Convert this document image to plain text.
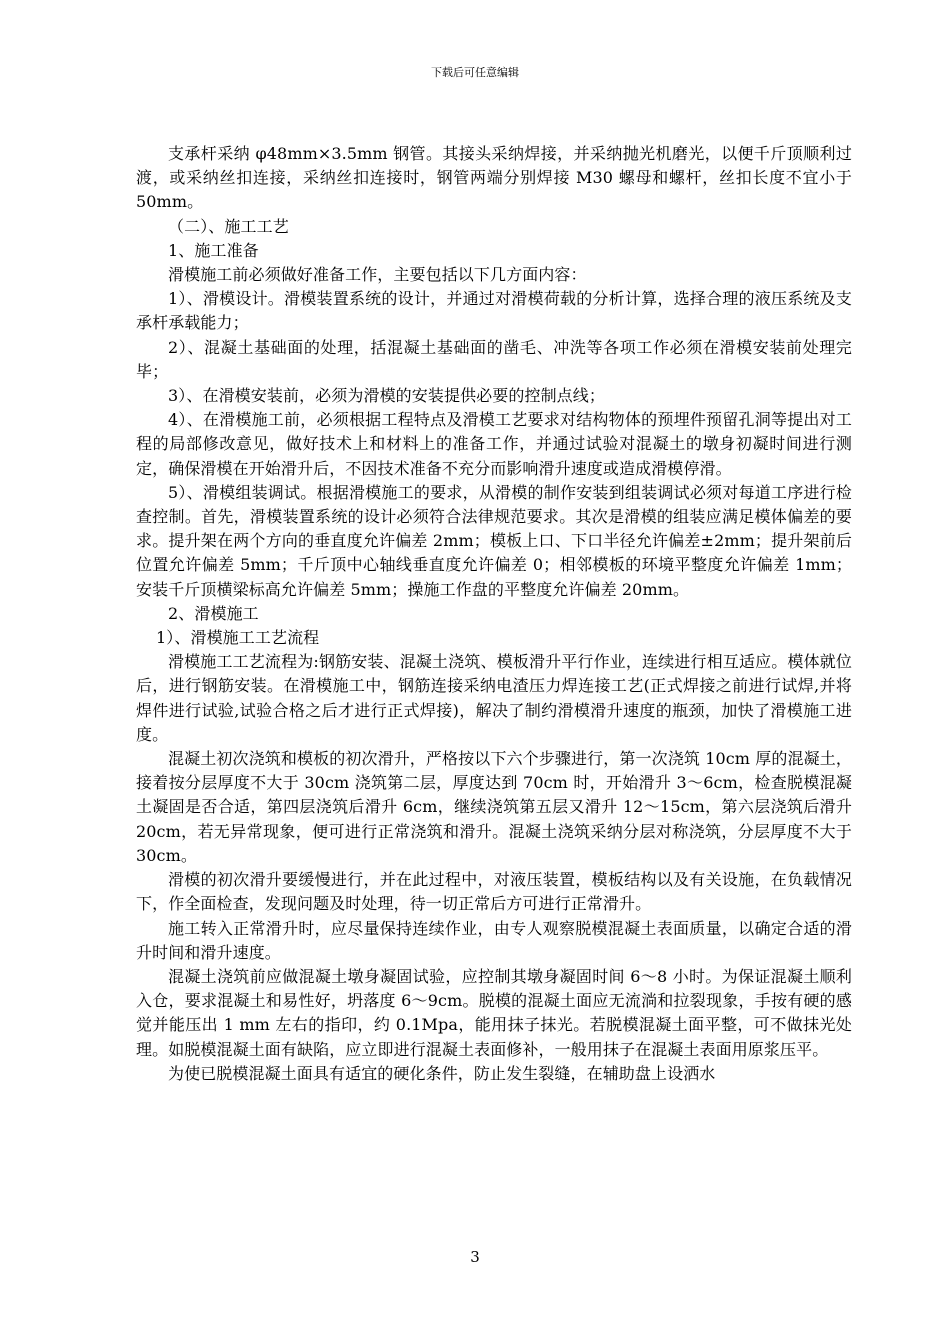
下载后可任意编辑

支承杆采纳 φ48mm×3.5mm 钢管。其接头采纳焊接，并采纳抛光机磨光，以便千斤顶顺利过渡，或采纳丝扣连接，采纳丝扣连接时，钢管两端分别焊接 M30 螺母和螺杆，丝扣长度不宜小于 50mm。

（二）、施工工艺

1、施工准备

滑模施工前必须做好准备工作，主要包括以下几方面内容：

1）、滑模设计。滑模装置系统的设计，并通过对滑模荷载的分析计算，选择合理的液压系统及支承杆承载能力；

2）、混凝土基础面的处理，括混凝土基础面的凿毛、冲洗等各项工作必须在滑模安装前处理完毕；

3）、在滑模安装前，必须为滑模的安装提供必要的控制点线；

4）、在滑模施工前，必须根据工程特点及滑模工艺要求对结构物体的预埋件预留孔洞等提出对工程的局部修改意见，做好技术上和材料上的准备工作，并通过试验对混凝土的墩身初凝时间进行测定，确保滑模在开始滑升后，不因技术准备不充分而影响滑升速度或造成滑模停滑。

5）、滑模组装调试。根据滑模施工的要求，从滑模的制作安装到组装调试必须对每道工序进行检查控制。首先，滑模装置系统的设计必须符合法律规范要求。其次是滑模的组装应满足模体偏差的要求。提升架在两个方向的垂直度允许偏差 2mm；模板上口、下口半径允许偏差±2mm；提升架前后位置允许偏差 5mm；千斤顶中心轴线垂直度允许偏差 0；相邻模板的环境平整度允许偏差 1mm；安装千斤顶横梁标高允许偏差 5mm；操施工作盘的平整度允许偏差 20mm。

2、滑模施工

1）、滑模施工工艺流程

滑模施工工艺流程为:钢筋安装、混凝土浇筑、模板滑升平行作业，连续进行相互适应。模体就位后，进行钢筋安装。在滑模施工中，钢筋连接采纳电渣压力焊连接工艺(正式焊接之前进行试焊,并将焊件进行试验,试验合格之后才进行正式焊接)，解决了制约滑模滑升速度的瓶颈，加快了滑模施工进度。

混凝土初次浇筑和模板的初次滑升，严格按以下六个步骤进行，第一次浇筑 10cm 厚的混凝土，接着按分层厚度不大于 30cm 浇筑第二层，厚度达到 70cm 时，开始滑升 3～6cm，检查脱模混凝土凝固是否合适，第四层浇筑后滑升 6cm，继续浇筑第五层又滑升 12～15cm，第六层浇筑后滑升 20cm，若无异常现象，便可进行正常浇筑和滑升。混凝土浇筑采纳分层对称浇筑，分层厚度不大于 30cm。

滑模的初次滑升要缓慢进行，并在此过程中，对液压装置，模板结构以及有关设施，在负载情况下，作全面检查，发现问题及时处理，待一切正常后方可进行正常滑升。

施工转入正常滑升时，应尽量保持连续作业，由专人观察脱模混凝土表面质量，以确定合适的滑升时间和滑升速度。

混凝土浇筑前应做混凝土墩身凝固试验，应控制其墩身凝固时间 6～8 小时。为保证混凝土顺利入仓，要求混凝土和易性好，坍落度 6～9cm。脱模的混凝土面应无流淌和拉裂现象，手按有硬的感觉并能压出 1 mm 左右的指印，约 0.1Mpa，能用抹子抹光。若脱模混凝土面平整，可不做抹光处理。如脱模混凝土面有缺陷，应立即进行混凝土表面修补，一般用抹子在混凝土表面用原浆压平。

为使已脱模混凝土面具有适宜的硬化条件，防止发生裂缝，在辅助盘上设洒水

3
